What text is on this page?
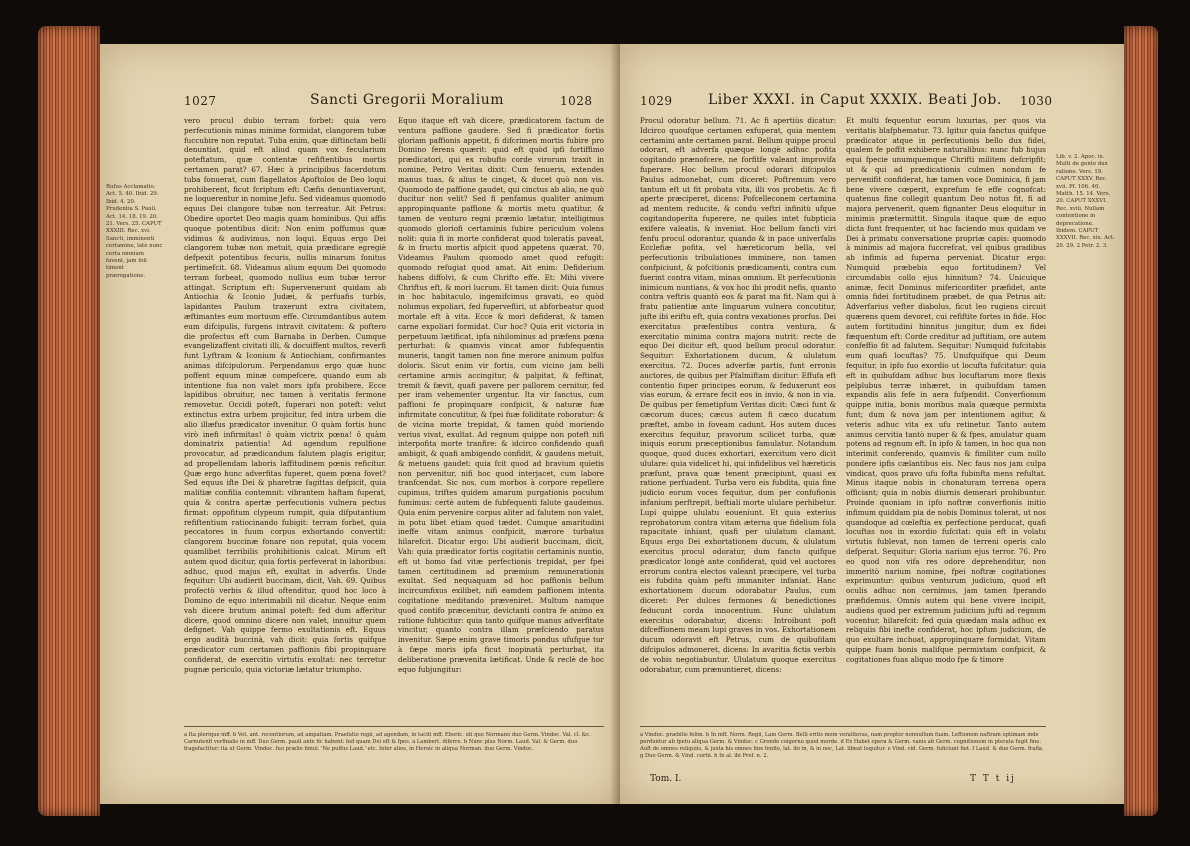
1027	Sancti Gregorii Moralium	1028
Rufus Acclamatio. Act. 5. 40. Ibid. 29. Ibid. 4. 20. Prudentia S. Pauli. Act. 14. 18. 19. 20. 21. Vers. 25. CAPUT XXXIII. Rec. xvi. Sancti, imminenti certamine, latè nunc certa omnium favent, jam foli timent prærogatione.
vero procul dubio terram forbet: quia vero perfecutionis minas minime formidat, clangorem tubæ fuccubire non reputat. Tuba enim, quæ diftinctam belli denuntiat, quid eft aliud quam vox fecularium poteftatum, quæ contentæ refiftentibus mortis certamen parat? 67. Hæc à principibus facerdotum tuba fonuerat, cum flagellatos Apoftolos de Deo loqui prohiberent, ficut fcriptum eft: Cæfis denuntiaverunt, ne loquerentur in nomine Jefu. Sed videamus quomodo equus Dei clangore tubæ non terreatur. Ait Petrus: Obedire oportet Deo magis quam hominibus. Qui affis quoque potentibus dicit: Non enim poffumus quæ vidimus & audivimus, non loqui. Equus ergo Dei clangorem tubæ non metuit, quia prædicare egregiè defpexit potentibus fecuris, nullis minarum fonitus pertimefcit. 68. Videamus alium equum Dei quomodo terram forbeat, quomodo nullius eum tubæ terror attingat. Scriptum eft: Supervenerunt quidam ab Antiochia & Iconio Judæi, & perfuafis turbis, lapidantes Paulum traxerunt extra civitatem, æftimantes eum mortuum effe. Circumdantibus autem eum difcipulis, furgens intravit civitatem: & poftero die profectus eft cum Barnaba in Derben. Cumque evangelizaffent civitati illi, & docuiffent multos, reverfi funt Lyftram & Iconium & Antiochiam, confirmantes animas difcipulorum. Perpendamus ergo quæ hunc poffent equum minæ compefcere, quando eum ab intentione fua non valet mors ipfa prohibere. Ecce lapidibus obruitur, nec tamen à veritatis fermone removetur. Occidi poteft, fuperari non poteft: velut extinctus extra urbem projicitur, fed intra urbem die alio illæfus prædicator invenitur. O quàm fortis hunc virò inefi infirmitas! ô quàm victrix pœna! ô quàm dominatrix patientia! Ad agendum repulfione provocatur, ad prædicandum falutem plagis erigitur, ad propellendam laboris laffitudinem pœnis reficitur. Quæ ergo hunc adverfitas fuperet, quem pœna fovet? Sed equus ifte Dei & pharetræ fagittas defpicit, quia malitiæ confilia contemnit: vibrantem haftam fuperat, quia & contra apertæ perfecutionis vulnera pectus firmat: oppofitum clypeum rumpit, quia difputantium refiftentium ratiocinando fubigit: terram forbet, quia peccatores in fuum corpus exhortando convertit: clangorem buccinæ fonare non reputat, quia vocem quamlibet terribilis prohibitionis calcat. Mirum eft autem quod dicitur, quia fortis perfeverat in laboribus: adhuc, quod majus eft, exultat in adverfis. Unde fequitur: Ubi audierit buccinam, dicit, Vah. 69. Quibus profectò verbis & illud oftenditur, quod hoc loco à Domino de equo interimabili nil dicatur. Neque enim vah dicere brutum animal poteft: fed dum afferitur dicere, quod omnino dicere non valet, innuitur quem defignet. Vah quippe fermo exultationis eft. Equus ergo audità buccinà, vah dicit: quia fortis quifque prædicator cum certamen paffionis fibi propinquare confiderat, de exercitio virtutis exultat: nec terretur pugnæ periculo, quia victoriæ lætatur triumpho.
Equo itaque eft vah dicere, prædicatorem factum de ventura paffione gaudere. Sed fi prædicator fortis gloriam paffionis appetit, fi difcrimen mortis fubire pro Domino ferens quærit: quid eft quòd ipfi fortiffimo prædicatori, qui ex robufto corde virorum traxit in nomine, Petro Veritas dixit: Cum fenueris, extendes manus tuas, & alius te cinget, & ducet quò non vis. Quomodo de paffione gaudet, qui cinctus ab alio, ne quò ducitur non velit? Sed fi penfamus qualiter animum appropinquante paffione & mortis metu quatitur, & tamen de venturo regni præmio lætatur, intelligimus quomodo gloriofi certaminis fubire periculum volens nolit: quia fi in morte confiderat quod toleratis paveat, & in fructu mortis afpicit quod appetens quærat. 70. Videamus Paulum quomodo amet quod refugit: quomodo refugiat quod amat. Ait enim: Defiderium habens diffolvi, & cum Chrifto effe. Et: Mihi vivere Chriftus eft, & mori lucrum. Et tamen dicit: Quia fumus in hoc habitaculo, ingemifcimus gravati, eo quòd nolumus expoliari, fed fupervefliri, ut abforbeatur quod mortale eft à vita. Ecce & mori defiderat, & tamen carne expoliari formidat. Cur hoc? Quia erit victoria in perpetuum lætificat, ipfa nihilominus ad præfens pœna perturbat: & quamvis vincat amor fubfequentis muneris, tangit tamen non fine merore animum pulfus doloris. Sicut enim vir fortis, cum vicino jam belli certamine armis accingitur, & palpitat, & feftinat, tremit & fævit, quafi pavere per pallorem cernitur, fed per iram vehementer urgentur. Ita vir fanctus, cum paffioni fe propinquare confpicit, & naturæ fuæ infirmitate concutitur, & fpei fuæ foliditate roboratur: & de vicina morte trepidat, & tamen quòd moriendo verius vivat, exultat. Ad regnum quippe non poteft nifi interpofita morte tranfire: & idcirco confidendo quafi ambigit, & quafi ambigendo confidit, & gaudens metuit, & metuens gaudet: quia fcit quod ad bravium quietis non pervenitur, nifi hoc quod interjacet, cum labore tranfcendat. Sic nos, cum morbos à corpore repellere cupimus, triftes quidem amarum purgationis poculum fumimus: certè autem de fubfequenti falute gaudemus. Quia enim pervenire corpus aliter ad falutem non valet, in potu libet etiam quod tædet. Cumque amaritudini ineffe vitam animus confpicit, mærore turbatus hilarefcit. Dicatur ergo: Ubi audierit buccinam, dicit, Vah: quia prædicator fortis cogitatio certaminis nuntio, eft ut homo fad vitæ perfectionis trepidat, per fpei tamen certitudinem ad præmium remunerationis exultat. Sed nequaquam ad hoc paffionis bellum incircumfixus exilibet, nifi eamdem paffionem intenta cogitatione meditando præveniret. Multum namque quod contifo præcenitur, devictanti contra fe animo ex ratione fubticitur: quia tanto quifque manus adverfitate vincitur, quanto contra illam præfciendo paratus invenitur. Sæpe enim grave timoris pondus ufufque tur à fæpe moris ipfa ficut inopinatà perturbat, ita deliberatione prævenita lætificat. Unde & reclè de hoc equo fubjungitur:
a Ita plerique mff. b Vet. ant. recentiorum, ad ampatiam. Praefatio regii, ad agendam, in taciti mff. Eboric. uti que Normano duo Germ. Vindoc. Val. cl. &c. Carnutenfi verfinalis in mff. Duo Germ. pauli ante fic habent: fed quam Dei eft & fpes. a Lambert. diferre. b Nunc plus Norm. Laud. Val. & Germ. duo fragefactitur; ita ut Germ. Vindoc. fuo prælio fimul. 'Ne pulfus Laud.' etc. Inter alios, in Heroic in aliqua Norman. duo Germ. Vindoc.
1029	Liber XXXI. in Caput XXXIX. Beati Job. 1030
Procul odoratur bellum. 71. Ac fi apertiùs dicatur: Idcirco quoufque certamen exfuperat, quia mentem certamini ante certamen parat. Bellum quippe procul odorari, eft adverfa quæque longè adhuc pofita cogitando prænofcere, ne forfitfe valeant improvifa fuperare. Hoc bellum procul odorari difcipulos Paulus admonebat, cum diceret: Poftremum vero tantum eft ut fit probata vita, illi vos probetis. Ac fi aperte præciperet, dicens: Pofcelleconem certamina ad mentem reducite, & condu veftri infinitù ufque cogitandoperita fuperere, ne quiles intet fubpticia exifere valeatis, & inveniat. Hoc bellum fanctì viri fenfu procul odorantur, quando & in pace univerfalis Ecclefiæ pofita, vel hæreticorum bella, vel perfecutionis tribulationes imminere, non tamen confpiciunt, & pofcitionis prædicamenti, contra cum fuerint contra vitam, minas omnium. Et perfecutionis inimicum nuntians, & vox hoc ibi prodit nefis, quanto contra veftris quantò eos & parat ma fit. Nam qui à fratu patientiæ ante linguarum vulnera concutitur, jufte ibi eriftu eft, quia contra vexationes prorfus. Dei exercitatus præfentibus contra ventura, & exercitatio minima contra majora nutrit: recte de equo Dei dicitur eft, quod bellum procul odoratur. Sequitur: Exhortationem ducum, & ululatum exercitus. 72. Duces adverfæ partis, funt erronis auctores, de quibus per Pfalmiftam dicitur: Effufa eft contentio fuper principes eorum, & feduxerunt eos vias eorum, & errare fecit eos in invio, & non in via. De quibus per femetipfum Veritas dicit: Cæci funt & cæcorum duces; cæcus autem fi cæco ducatum præftet, ambo in foveam cadunt. Hos autem duces exercitus fequitur, pravorum scilicet turba, quæ iniquis eorum præceptionibus famulatur. Notandum quoque, quod duces exhortari, exercitum vero dicit ululare: quia videlicet hi, qui infidelibus vel hæreticis præfunt, prava quæ tenent præcipiunt, quasi ex ratione perfuadent. Turba vero eis fubdita, quia fine judicio eorum voces fequitur, dum per confufionis infanium perftrepit, beftiali morte ululare perhibetur. Lupi quippe ululatu eoueniunt. Et quia exterius reprobatorum contra vitam æterna que fidelium fola rapacitate inhiant, quafi per ululatum clamant. Equus ergo Dei exhortationem ducum, & ululatum exercitus procul odoratur, dum fancto quifque prædicator longè ante confiderat, quid vel auctores errorum contra electos valeant præcipere, vel turba eis fubdita quàm pefti immaniter infaniat. Hanc exhortationem ducum odorabatur Paulus, cum diceret: Per dulces fermones & benedictiones feducunt corda innocentium. Hunc ululatum exercitus odorabatur, dicens: Introibunt poft difceffionem meam lupi graves in vos. Exhortationem ducum odoravit eft Petrus, cum de quibufdam difcipulos admoneret, dicens: In avaritia fictis verbis de vobis negotiabuntur. Ululatum quoque exercitus odorabatur, cum prænuntieret, dicens:
Et multi fequentur eorum luxurias, per quos via veritatis blafphematur. 73. Igitur quia fanctus quifque prædicator atque in perfecutionis bello dux fidei, qualem fe poffit exhibere naturalibus: nunc fub hujus equi fpecie unumquemque Chrifti militem defcripfit: ut & qui ad prædicationis culmen nondum fe pervenifit confiderat, hæ tamen voce Dominica, fi jam bene vivere cœperit, exprefum fe effe cognofcat: quatenus fine collegit quantum Deo notus fit, fi ad majora pervenerit, quem fignanter Deus eloquitur in minimis prætermittit. Singula itaque quæ de equo dicta funt frequenter, ut hac faciendo mus quidam ve Dei à primatu conversatione propriæ capis: quomodo à minimis ad majora fuccrefcat, vel quibus gradibus ab infimis ad fuperna perveniat. Dicatur ergo: Numquid præbebis equo fortitudinem? Vel circumdabis collo ejus hinnitum? 74. Unicuique animæ, fecit Dominus mifericorditer præfidet, ante omnia fidei fortitudinem præbet, de qua Petrus ait: Adverfarius vefter diabolus, ficut leo rugiens circuit quærens quem devoret, cui refiftite fortes in fide. Hoc autem fortitudini hinnitus jungitur, dum ex fidei fæquentum eft: Corde creditur ad juftitiam, ore autem confeffio fit ad falutem. Sequitur: Numquid fufcitabis eum quafi locuftas? 75. Unufquifque qui Deum fequitur, in ipfo fuo exordio ut locufta fufcitatur: quia eft in quibufdam adhuc bus locuftarum more flexis pelplubus terræ inhæret, in quibufdam tamen expandis alis fefe in aera fufpendit. Converfionum quippe initia, bonis moribus mala quæque permixta funt; dum & nova jam per intentionem agitur, & veteris adhuc vita ex ufu retinetur. Tanto autem animus cervitia tantò nuper & & fpes, amulatur quam potens ad regnum eft. In ipfo & tamen, in hoc qua non interimit conferendo, quamvis & fimiliter cum nullo pondere ipfis cælantibus eis. Nec faus nos jam culpa vindicat, quos pravo ufu fofta fubinfta mens refultat. Minus itaque nobis in chonaturam terrena opera officiant; quia in nobis diurnis demerari prohibuntur. Proinde quoniam in ipfo noftræ converfionis initio infimum quiddam pia de nobis Dominus tolerat, ut nos quandoque ad cœleftia ex perfectione perducat, quafi locuftas nos in exordio fufcitat: quia eft in volatu virtutis fublevat, non tamen de terreni operis calo defperat. Sequitur: Gloria narium ejus terror. 76. Pro eo quod non vifa res odore deprehenditur, non immeritò narium nomine, fpei noftræ cogitationes exprimuntur: quibus venturum judicium, quod eft oculis adhuc non cernimus, jam tamen fperando præfidemus. Omnis autem qui bene vivere incipit, audiens quod per extremum judicium jufti ad regnum vocentur, hilarefcit: fed quia quædam mala adhuc ex reliquiis fibi inefte confiderat, hoc ipfum judicium, de quo exultare inchoat, appropinquare formidat. Vitam quippe fuam bonis malifque permixtam confpicit, & cogitationes fuas aliquo modo fpe & timore
Lib. v. 2. Apoc. ix. Multi de gente dux ratione. Vers. 19. CAPUT XXXV. Rec. xvii. Pf. 106. 40. Matth. 15. 14. Vers. 20. CAPUT XXXVI. Rec. xviii. Nullam contentione in deprecatione. Ibidem. CAPUT XXXVII. Rec. xix. Act. 20. 29. 2 Petr. 2. 3.
a Vindoc. præbilis felim. b In mff. Norm. Regii, Lam Germ. Belli eritis mem veraliteras, nam propter nonnullum fuam. Leftionem naftram optimam inde perduntur ab fpetu aliqua Germ. & Vindoc. c Gronde coigerno quod morde. d Ex Habet opera & Germ. vanis ab Germ. cognitionem in pterata fugit fine. Auft de omnes reliquiis, & juxta his omnes fine fenfio, lat. ibi in, & in nec, Lat. libeat loquitur. e Vind. vid. Germ. fuficiunt fiet. f Laud. & duo Germ. frafla. g Duo Germ. & Vind. curtii. h In al. ibi Pref. n. 2.
Tom. I.	T T t ij
